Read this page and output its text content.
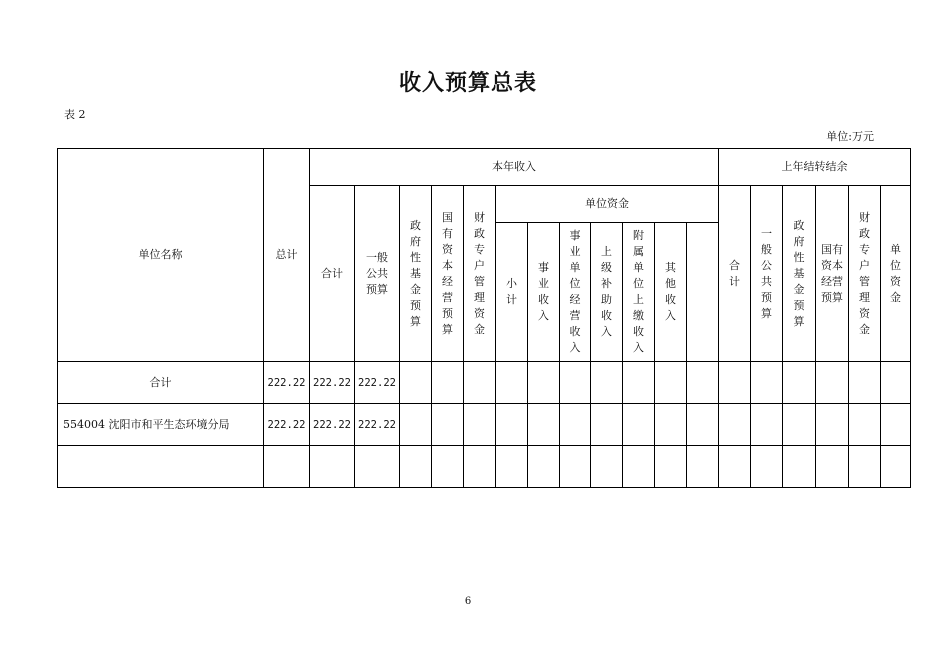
收入预算总表
表 2
单位:万元
单位名称	总计	本年收入												上年结转结余					
		合计	一般公共预算	政府性基金预算	国有资本经营预算	财政专户管理资金	单位资金							合计	一般公共预算	政府性基金预算	国有资本经营预算	财政专户管理资金	单位资金

							小计	事业收入	事业单位经营收入	上级补助收入	附属单位上缴收入	其他收入							

合计	222.22	222.22	222.22																
554004 沈阳市和平生态环境分局	222.22	222.22	222.22																

6
